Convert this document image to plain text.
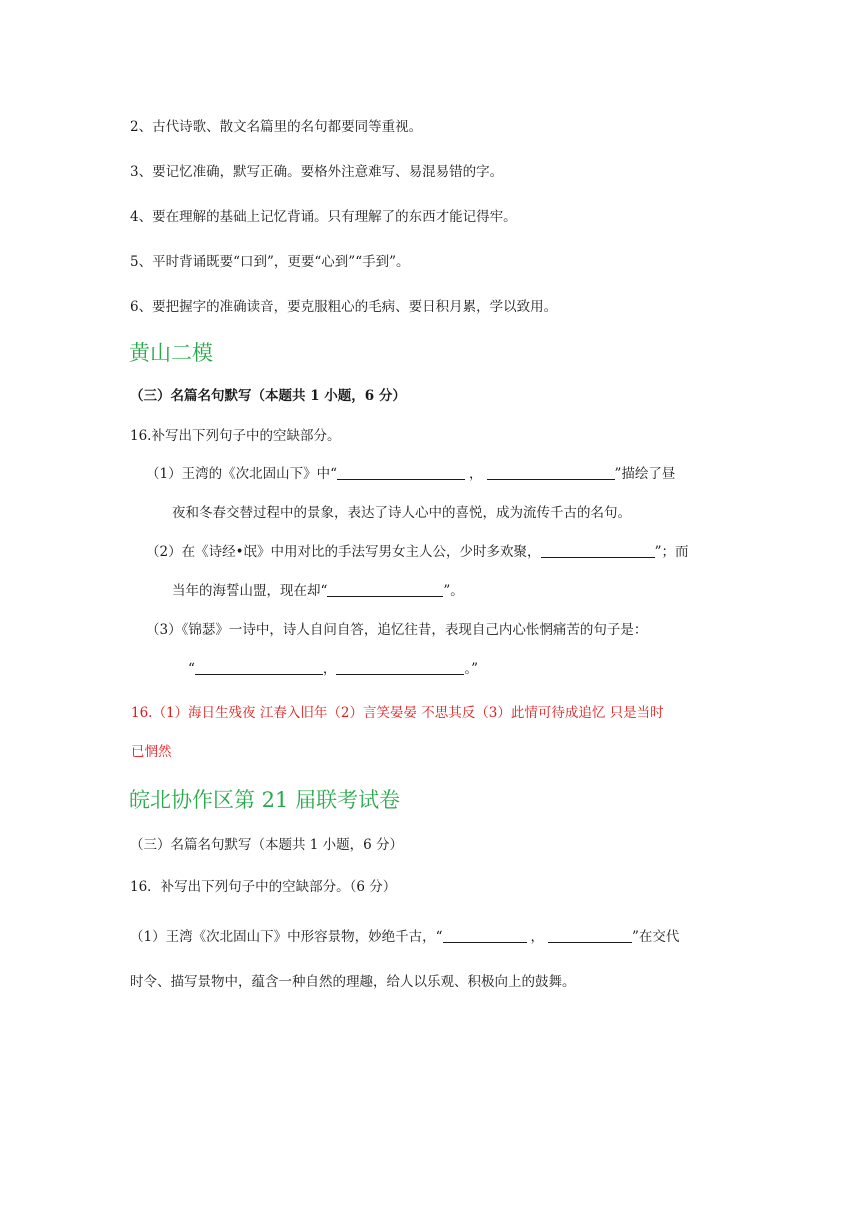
2、古代诗歌、散文名篇里的名句都要同等重视。
3、要记忆准确，默写正确。要格外注意难写、易混易错的字。
4、要在理解的基础上记忆背诵。只有理解了的东西才能记得牢。
5、平时背诵既要“口到”，更要“心到”“手到”。
6、要把握字的准确读音，要克服粗心的毛病、要日积月累，学以致用。
黄山二模
（三）名篇名句默写（本题共 1 小题，6 分）
16.补写出下列句子中的空缺部分。
（1）王湾的《次北固山下》中“	，	”描绘了昼
夜和冬春交替过程中的景象，表达了诗人心中的喜悦，成为流传千古的名句。
（2）在《诗经•氓》中用对比的手法写男女主人公，少时多欢聚，	”；而
当年的海誓山盟，现在却“	”。
（3）《锦瑟》一诗中，诗人自问自答，追忆往昔，表现自己内心怅惘痛苦的句子是：
“	，	。”
16.（1）海日生残夜 江春入旧年（2）言笑晏晏 不思其反（3）此情可待成追忆 只是当时
已惘然
皖北协作区第 21 届联考试卷
（三）名篇名句默写（本题共 1 小题，6 分）
16．补写出下列句子中的空缺部分。（6 分）
（1）王湾《次北固山下》中形容景物，妙绝千古，“	，	”在交代
时令、描写景物中，蕴含一种自然的理趣，给人以乐观、积极向上的鼓舞。
